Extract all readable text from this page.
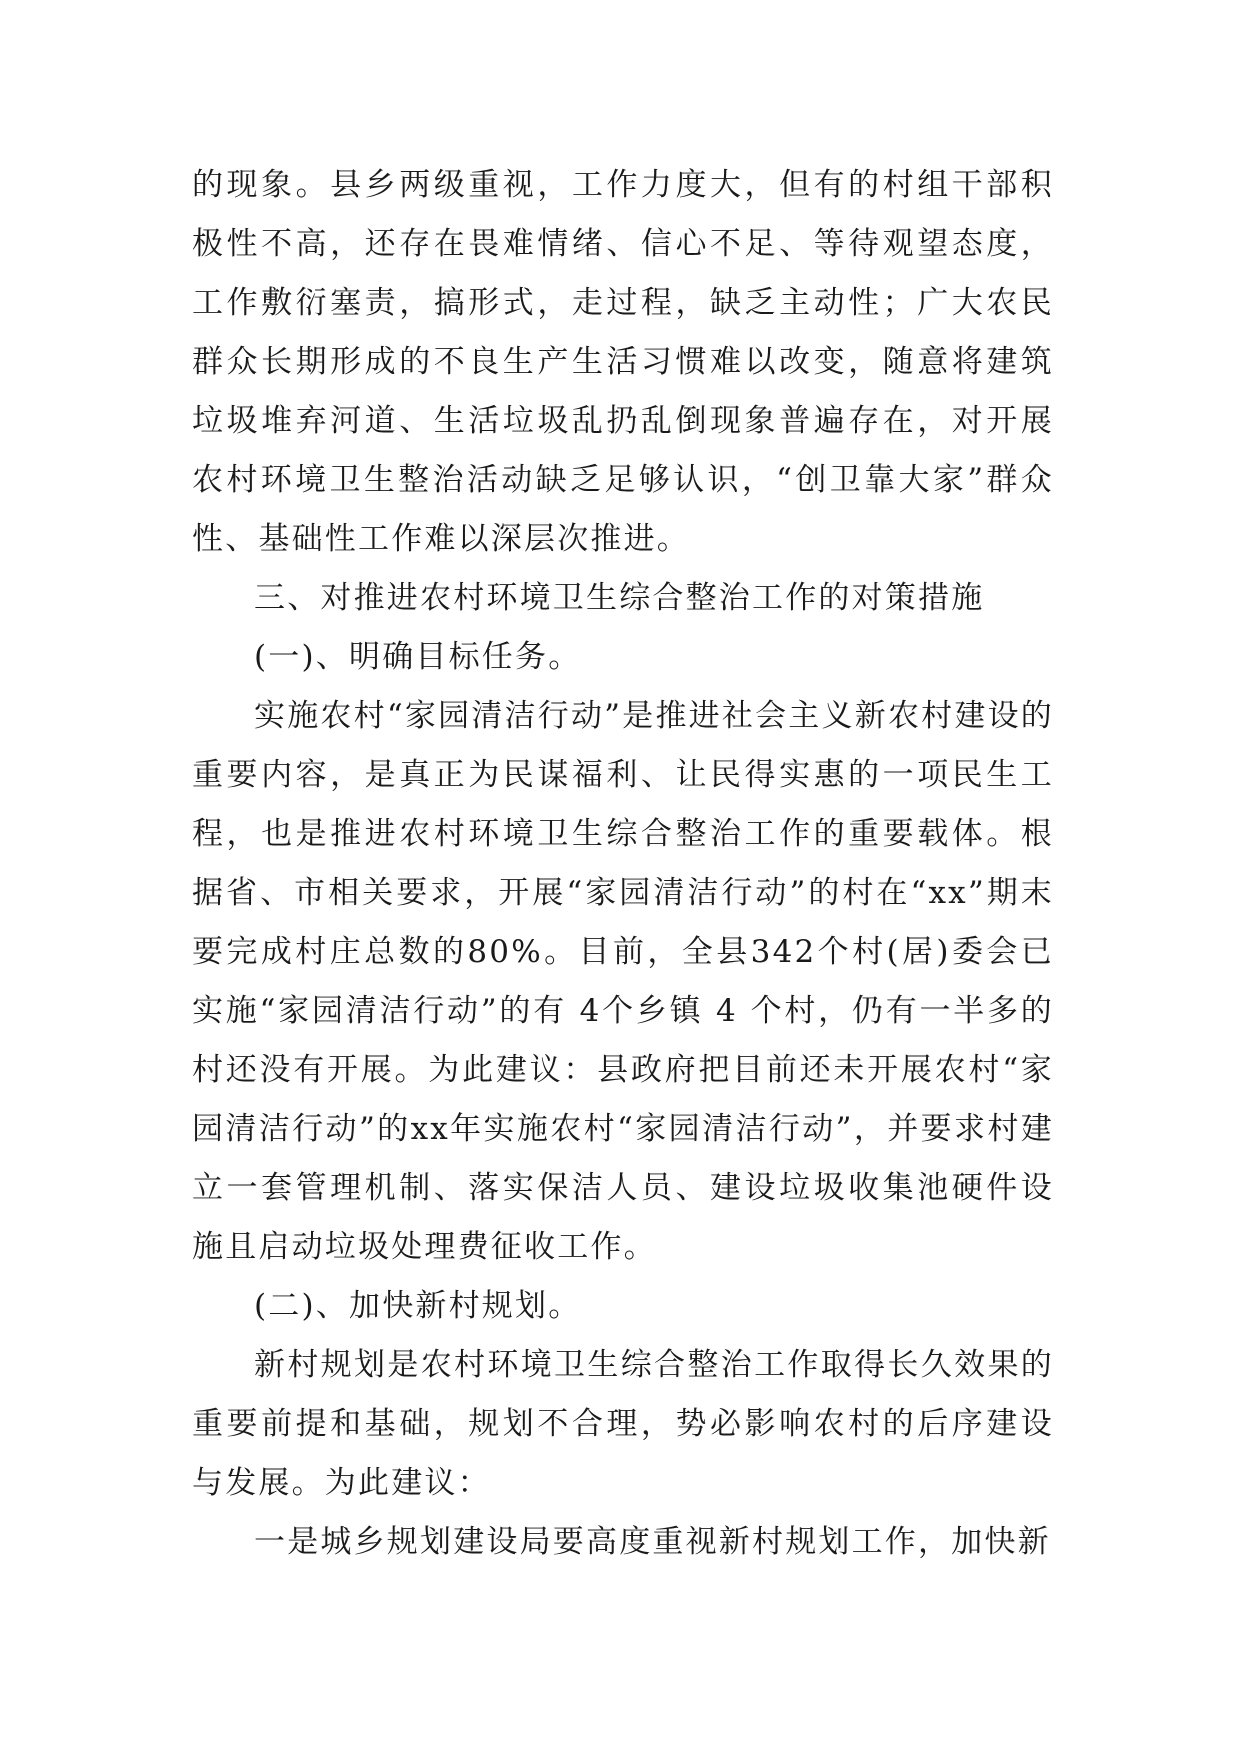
的现象。县乡两级重视，工作力度大，但有的村组干部积极性不高，还存在畏难情绪、信心不足、等待观望态度，工作敷衍塞责，搞形式，走过程，缺乏主动性；广大农民群众长期形成的不良生产生活习惯难以改变，随意将建筑垃圾堆弃河道、生活垃圾乱扔乱倒现象普遍存在，对开展农村环境卫生整治活动缺乏足够认识，“创卫靠大家”群众性、基础性工作难以深层次推进。

三、对推进农村环境卫生综合整治工作的对策措施

(一)、明确目标任务。

实施农村“家园清洁行动”是推进社会主义新农村建设的重要内容，是真正为民谋福利、让民得实惠的一项民生工程，也是推进农村环境卫生综合整治工作的重要载体。根据省、市相关要求，开展“家园清洁行动”的村在“xx”期末要完成村庄总数的80%。目前，全县342个村(居)委会已实施“家园清洁行动”的有 4个乡镇 4 个村，仍有一半多的村还没有开展。为此建议：县政府把目前还未开展农村“家园清洁行动”的xx年实施农村“家园清洁行动”，并要求村建立一套管理机制、落实保洁人员、建设垃圾收集池硬件设施且启动垃圾处理费征收工作。

(二)、加快新村规划。

新村规划是农村环境卫生综合整治工作取得长久效果的重要前提和基础，规划不合理，势必影响农村的后序建设与发展。为此建议：

一是城乡规划建设局要高度重视新村规划工作，加快新
